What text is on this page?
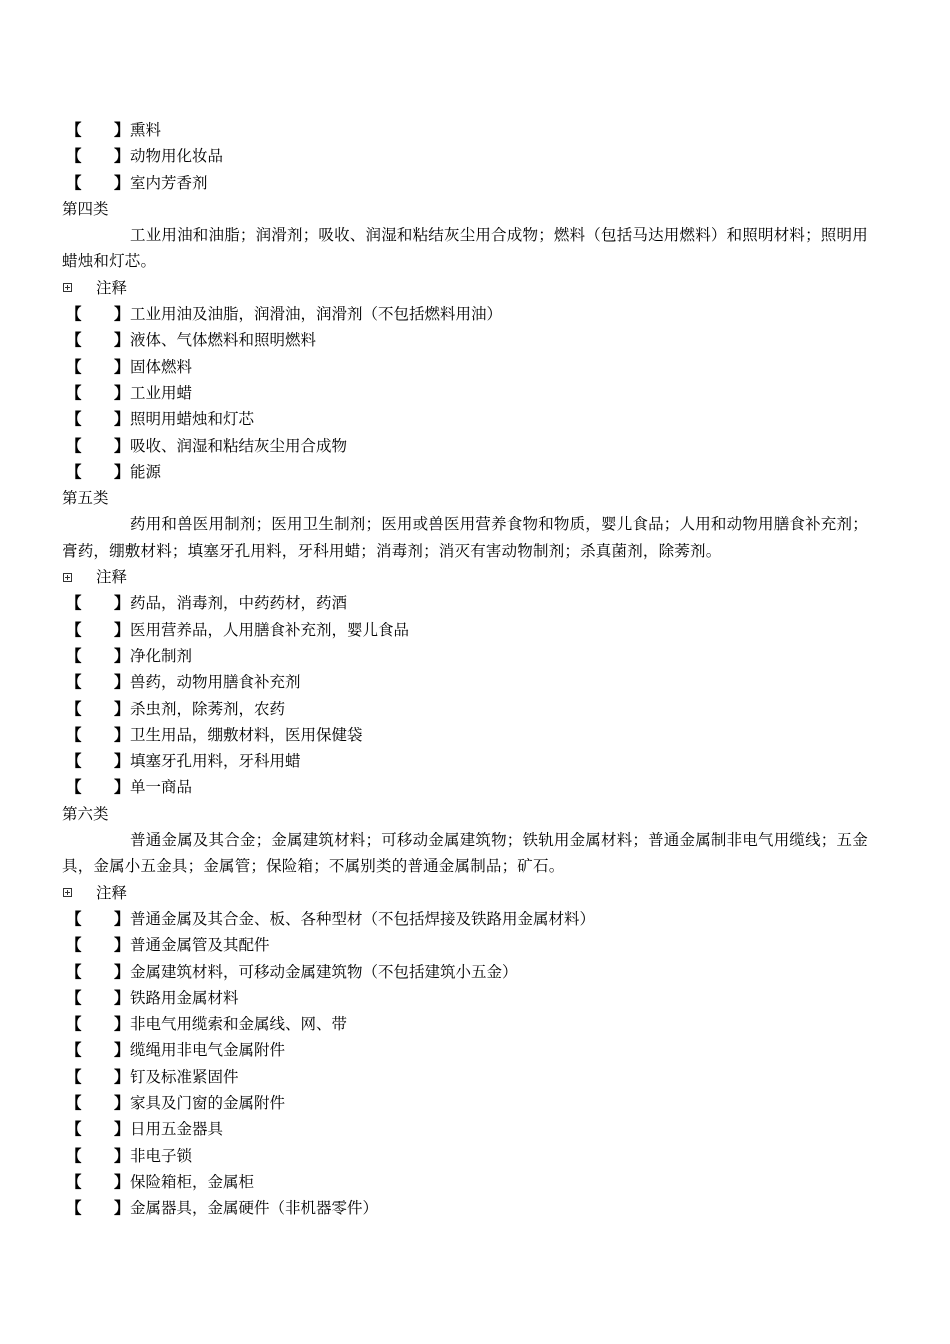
【	】 熏料
【	】 动物用化妆品
【	】 室内芳香剂
第四类
工业用油和油脂；润滑剂；吸收、润湿和粘结灰尘用合成物；燃料（包括马达用燃料）和照明材料；照明用蜡烛和灯芯。
注释
【	】 工业用油及油脂，润滑油，润滑剂（不包括燃料用油）
【	】 液体、气体燃料和照明燃料
【	】 固体燃料
【	】 工业用蜡
【	】 照明用蜡烛和灯芯
【	】 吸收、润湿和粘结灰尘用合成物
【	】 能源
第五类
药用和兽医用制剂；医用卫生制剂；医用或兽医用营养食物和物质，婴儿食品；人用和动物用膳食补充剂；膏药，绷敷材料；填塞牙孔用料，牙科用蜡；消毒剂；消灭有害动物制剂；杀真菌剂，除莠剂。
注释
【	】 药品，消毒剂，中药药材，药酒
【	】 医用营养品，人用膳食补充剂，婴儿食品
【	】 净化制剂
【	】 兽药，动物用膳食补充剂
【	】 杀虫剂，除莠剂，农药
【	】 卫生用品，绷敷材料，医用保健袋
【	】 填塞牙孔用料，牙科用蜡
【	】 单一商品
第六类
普通金属及其合金；金属建筑材料；可移动金属建筑物；铁轨用金属材料；普通金属制非电气用缆线；五金具，金属小五金具；金属管；保险箱；不属别类的普通金属制品；矿石。
注释
【	】 普通金属及其合金、板、各种型材（不包括焊接及铁路用金属材料）
【	】 普通金属管及其配件
【	】 金属建筑材料，可移动金属建筑物（不包括建筑小五金）
【	】 铁路用金属材料
【	】 非电气用缆索和金属线、网、带
【	】 缆绳用非电气金属附件
【	】 钉及标准紧固件
【	】 家具及门窗的金属附件
【	】 日用五金器具
【	】 非电子锁
【	】 保险箱柜，金属柜
【	】 金属器具，金属硬件（非机器零件）
